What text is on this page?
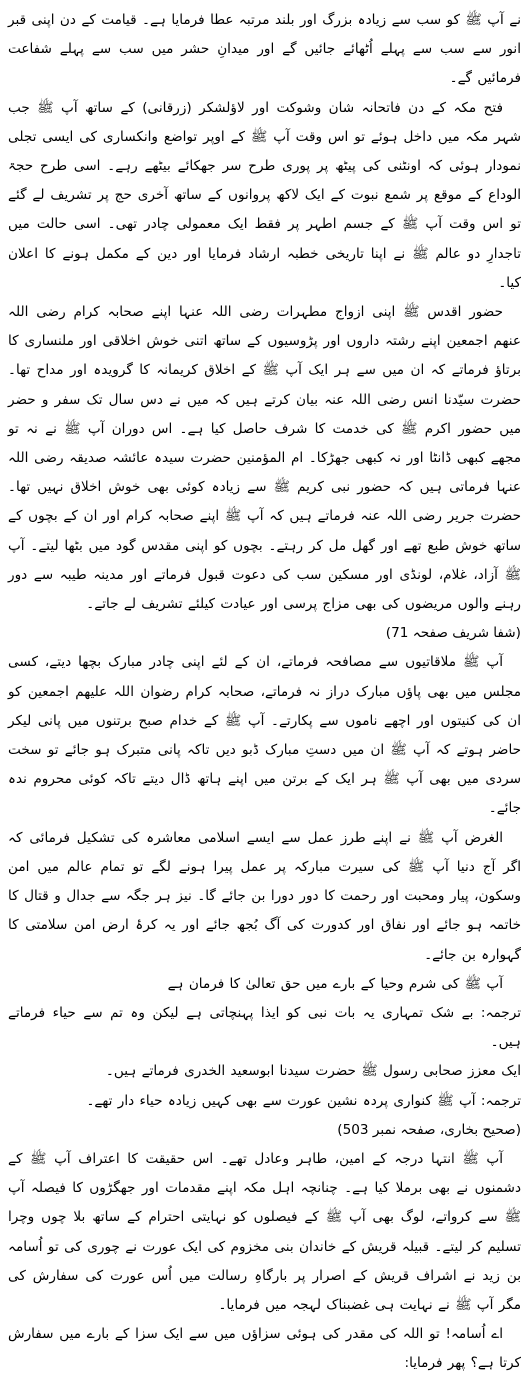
نے آپ ﷺ کو سب سے زیادہ بزرگ اور بلند مرتبہ عطا فرمایا ہے۔ قیامت کے دن اپنی قبر انور سے سب سے پہلے اُٹھائے جائیں گے اور میدانِ حشر میں سب سے پہلے شفاعت فرمائیں گے۔

فتح مکہ کے دن فاتحانہ شان وشوکت اور لاؤلشکر (زرقانی) کے ساتھ آپ ﷺ جب شہر مکہ میں داخل ہوئے تو اس وقت آپ ﷺ کے اوپر تواضع وانکساری کی ایسی تجلی نمودار ہوئی کہ اونٹنی کی پیٹھ پر پوری طرح سر جھکائے بیٹھے رہے۔ اسی طرح حجۃ الوداع کے موقع پر شمع نبوت کے ایک لاکھ پروانوں کے ساتھ آخری حج پر تشریف لے گئے تو اس وقت آپ ﷺ کے جسم اطہر پر فقط ایک معمولی چادر تھی۔ اسی حالت میں تاجدارِ دو عالم ﷺ نے اپنا تاریخی خطبہ ارشاد فرمایا اور دین کے مکمل ہونے کا اعلان کیا۔

حضور اقدس ﷺ اپنی ازواج مطہرات رضی اللہ عنہا اپنے صحابہ کرام رضی اللہ عنھم اجمعین اپنے رشتہ داروں اور پڑوسیوں کے ساتھ اتنی خوش اخلاقی اور ملنساری کا برتاؤ فرماتے کہ ان میں سے ہر ایک آپ ﷺ کے اخلاق کریمانہ کا گرویدہ اور مداح تھا۔ حضرت سیّدنا انس رضی اللہ عنہ بیان کرتے ہیں کہ میں نے دس سال تک سفر و حضر میں حضور اکرم ﷺ کی خدمت کا شرف حاصل کیا ہے۔ اس دوران آپ ﷺ نے نہ تو مجھے کبھی ڈانٹا اور نہ کبھی جھڑکا۔ ام المؤمنین حضرت سیدہ عائشہ صدیقہ رضی اللہ عنہا فرماتی ہیں کہ حضور نبی کریم ﷺ سے زیادہ کوئی بھی خوش اخلاق نہیں تھا۔ حضرت جریر رضی اللہ عنہ فرماتے ہیں کہ آپ ﷺ اپنے صحابہ کرام اور ان کے بچوں کے ساتھ خوش طبع تھے اور گھل مل کر رہتے۔ بچوں کو اپنی مقدس گود میں بٹھا لیتے۔ آپ ﷺ آزاد، غلام، لونڈی اور مسکین سب کی دعوت قبول فرماتے اور مدینہ طیبہ سے دور رہنے والوں مریضوں کی بھی مزاج پرسی اور عیادت کیلئے تشریف لے جاتے۔

(شفا شریف صفحہ 71)

آپ ﷺ ملاقاتیوں سے مصافحہ فرماتے، ان کے لئے اپنی چادر مبارک بچھا دیتے، کسی مجلس میں بھی پاؤں مبارک دراز نہ فرماتے، صحابہ کرام رضوان اللہ علیھم اجمعین کو ان کی کنیتوں اور اچھے ناموں سے پکارتے۔ آپ ﷺ کے خدام صبح برتنوں میں پانی لیکر حاضر ہوتے کہ آپ ﷺ ان میں دستِ مبارک ڈبو دیں تاکہ پانی متبرک ہو جائے تو سخت سردی میں بھی آپ ﷺ ہر ایک کے برتن میں اپنے ہاتھ ڈال دیتے تاکہ کوئی محروم ندہ جائے۔

الغرض آپ ﷺ نے اپنے طرز عمل سے ایسے اسلامی معاشرہ کی تشکیل فرمائی کہ اگر آج دنیا آپ ﷺ کی سیرت مبارکہ پر عمل پیرا ہونے لگے تو تمام عالم میں امن وسکون، پیار ومحبت اور رحمت کا دور دورا بن جائے گا۔ نیز ہر جگہ سے جدال و قتال کا خاتمہ ہو جائے اور نفاق اور کدورت کی آگ بُجھ جائے اور یہ کرۂ ارض امن سلامتی کا گہوارہ بن جائے۔

آپ ﷺ کی شرم وحیا کے بارے میں حق تعالیٰ کا فرمان ہے

ترجمہ: بے شک تمہاری یہ بات نبی کو ایذا پہنچاتی ہے لیکن وہ تم سے حیاء فرماتے ہیں۔

ایک معزز صحابی رسول ﷺ حضرت سیدنا ابوسعید الخدری فرماتے ہیں۔

ترجمہ: آپ ﷺ کنواری پردہ نشین عورت سے بھی کہیں زیادہ حیاء دار تھے۔

(صحیح بخاری، صفحہ نمبر 503)

آپ ﷺ انتہا درجہ کے امین، طاہر وعادل تھے۔ اس حقیقت کا اعتراف آپ ﷺ کے دشمنوں نے بھی برملا کیا ہے۔ چنانچہ اہل مکہ اپنے مقدمات اور جھگڑوں کا فیصلہ آپ ﷺ سے کرواتے، لوگ بھی آپ ﷺ کے فیصلوں کو نہایتی احترام کے ساتھ بلا چوں وچرا تسلیم کر لیتے۔ قبیلہ قریش کے خاندان بنی مخزوم کی ایک عورت نے چوری کی تو اُسامہ بن زید نے اشراف قریش کے اصرار پر بارگاہِ رسالت میں اُس عورت کی سفارش کی مگر آپ ﷺ نے نہایت ہی غضبناک لہجہ میں فرمایا۔

اے اُسامہ! تو اللہ کی مقدر کی ہوئی سزاؤں میں سے ایک سزا کے بارے میں سفارش کرتا ہے؟ پھر فرمایا:
